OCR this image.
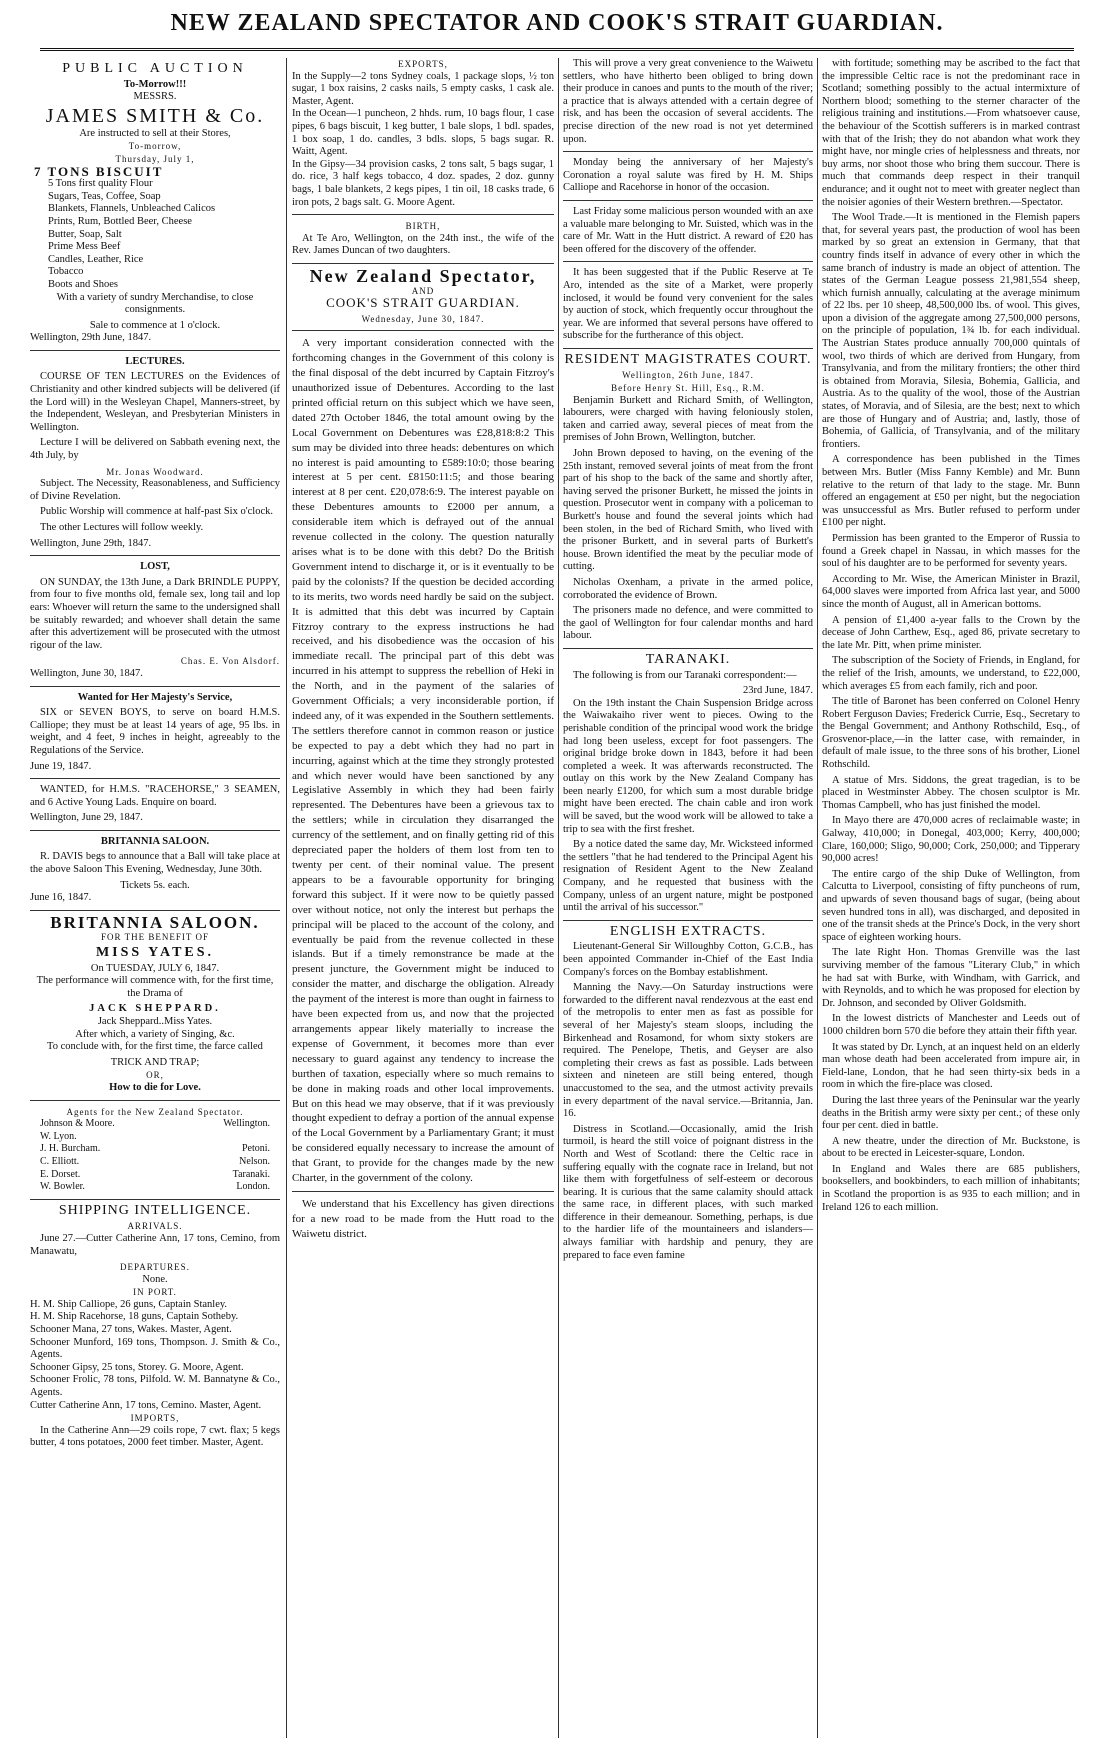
NEW ZEALAND SPECTATOR AND COOK'S STRAIT GUARDIAN.
PUBLIC AUCTION
To-Morrow!!!
MESSRS.
JAMES SMITH & Co.
Are instructed to sell at their Stores,
To-morrow,
Thursday, July 1,
7 TONS BISCUIT
5 Tons first quality Flour
Sugars, Teas, Coffee, Soap
Blankets, Flannels, Unbleached Calicos
Prints, Rum, Bottled Beer, Cheese
Butter, Soap, Salt
Prime Mess Beef
Candles, Leather, Rice
Tobacco
Boots and Shoes

With a variety of sundry Merchandise, to close consignments.

Sale to commence at 1 o'clock.
Wellington, 29th June, 1847.
LECTURES.

COURSE OF TEN LECTURES on the Evidences of Christianity and other kindred subjects will be delivered (if the Lord will) in the Wesleyan Chapel, Manners-street, by the Independent, Wesleyan, and Presbyterian Ministers in Wellington.

Lecture I will be delivered on Sabbath evening next, the 4th July, by

Mr. Jonas Woodward.

Subject. The Necessity, Reasonableness, and Sufficiency of Divine Revelation.

Public Worship will commence at half-past Six o'clock.

The other Lectures will follow weekly.

Wellington, June 29th, 1847.
LOST,

ON SUNDAY, the 13th June, a Dark BRINDLE PUPPY, from four to five months old, female sex, long tail and lop ears: Whoever will return the same to the undersigned shall be suitably rewarded; and whoever shall detain the same after this advertizement will be prosecuted with the utmost rigour of the law.

Chas. E. Von Alsdorf.
Wellington, June 30, 1847.
Wanted for Her Majesty's Service,

SIX or SEVEN BOYS, to serve on board H.M.S. Calliope; they must be at least 14 years of age, 95 lbs. in weight, and 4 feet, 9 inches in height, agreeably to the Regulations of the Service.

June 19, 1847.

WANTED, for H.M.S. "RACEHORSE," 3 SEAMEN, and 6 Active Young Lads. Enquire on board.

Wellington, June 29, 1847.
BRITANNIA SALOON.

R. DAVIS begs to announce that a Ball will take place at the above Saloon This Evening, Wednesday, June 30th.

Tickets 5s. each.
June 16, 1847.
BRITANNIA SALOON.
FOR THE BENEFIT OF
MISS YATES.
On TUESDAY, JULY 6, 1847.

The performance will commence with, for the first time, the Drama of

JACK SHEPPARD.
Jack Sheppard..Miss Yates.
After which, a variety of Singing, &c.

To conclude with, for the first time, the farce called

TRICK AND TRAP;
OR,
How to die for Love.
Agents for the New Zealand Spectator.
Johnson & Moore.	Wellington.
W. Lyon.
J. H. Burcham.	Petoni.
C. Elliott.	Nelson.
E. Dorset.	Taranaki.
W. Bowler.	London.
SHIPPING INTELLIGENCE.
ARRIVALS.

June 27.—Cutter Catherine Ann, 17 tons, Cemino, from Manawatu,

DEPARTURES.
None.
IN PORT.
H. M. Ship Calliope, 26 guns, Captain Stanley.
H. M. Ship Racehorse, 18 guns, Captain Sotheby.
Schooner Mana, 27 tons, Wakes. Master, Agent.
Schooner Munford, 169 tons, Thompson. J. Smith & Co., Agents.
Schooner Gipsy, 25 tons, Storey. G. Moore, Agent.
Schooner Frolic, 78 tons, Pilfold. W. M. Bannatyne & Co., Agents.
Cutter Catherine Ann, 17 tons, Cemino. Master, Agent.
IMPORTS,

In the Catherine Ann—29 coils rope, 7 cwt. flax; 5 kegs butter, 4 tons potatoes, 2000 feet timber. Master, Agent.

EXPORTS,
In the Supply—2 tons Sydney coals, 1 package slops, ½ ton sugar, 1 box raisins, 2 casks nails, 5 empty casks, 1 cask ale. Master, Agent.
In the Ocean—1 puncheon, 2 hhds. rum, 10 bags flour, 1 case pipes, 6 bags biscuit, 1 keg butter, 1 bale slops, 1 bdl. spades, 1 box soap, 1 do. candles, 3 bdls. slops, 5 bags sugar. R. Waitt, Agent.
In the Gipsy—34 provision casks, 2 tons salt, 5 bags sugar, 1 do. rice, 3 half kegs tobacco, 4 doz. spades, 2 doz. gunny bags, 1 bale blankets, 2 kegs pipes, 1 tin oil, 18 casks trade, 6 iron pots, 2 bags salt. G. Moore Agent.
BIRTH,

At Te Aro, Wellington, on the 24th inst., the wife of the Rev. James Duncan of two daughters.

New Zealand Spectator,
AND
COOK'S STRAIT GUARDIAN.
Wednesday, June 30, 1847.

A very important consideration connected with the forthcoming changes in the Government of this colony is the final disposal of the debt incurred by Captain Fitzroy's unauthorized issue of Debentures. According to the last printed official return on this subject which we have seen, dated 27th October 1846, the total amount owing by the Local Government on Debentures was £28,818:8:2 This sum may be divided into three heads: debentures on which no interest is paid amounting to £589:10:0; those bearing interest at 5 per cent. £8150:11:5; and those bearing interest at 8 per cent. £20,078:6:9. The interest payable on these Debentures amounts to £2000 per annum, a considerable item which is defrayed out of the annual revenue collected in the colony. The question naturally arises what is to be done with this debt? Do the British Government intend to discharge it, or is it eventually to be paid by the colonists? If the question be decided according to its merits, two words need hardly be said on the subject. It is admitted that this debt was incurred by Captain Fitzroy contrary to the express instructions he had received, and his disobedience was the occasion of his immediate recall. The principal part of this debt was incurred in his attempt to suppress the rebellion of Heki in the North, and in the payment of the salaries of Government Officials; a very inconsiderable portion, if indeed any, of it was expended in the Southern settlements. The settlers therefore cannot in common reason or justice be expected to pay a debt which they had no part in incurring, against which at the time they strongly protested and which never would have been sanctioned by any Legislative Assembly in which they had been fairly represented. The Debentures have been a grievous tax to the settlers; while in circulation they disarranged the currency of the settlement, and on finally getting rid of this depreciated paper the holders of them lost from ten to twenty per cent. of their nominal value. The present appears to be a favourable opportunity for bringing forward this subject. If it were now to be quietly passed over without notice, not only the interest but perhaps the principal will be placed to the account of the colony, and eventually be paid from the revenue collected in these islands. But if a timely remonstrance be made at the present juncture, the Government might be induced to consider the matter, and discharge the obligation. Already the payment of the interest is more than ought in fairness to have been expected from us, and now that the projected arrangements appear likely materially to increase the expense of Government, it becomes more than ever necessary to guard against any tendency to increase the burthen of taxation, especially where so much remains to be done in making roads and other local improvements. But on this head we may observe, that if it was previously thought expedient to defray a portion of the annual expense of the Local Government by a Parliamentary Grant; it must be considered equally necessary to increase the amount of that Grant, to provide for the changes made by the new Charter, in the government of the colony.

We understand that his Excellency has given directions for a new road to be made from the Hutt road to the Waiwetu district.

This will prove a very great convenience to the Waiwetu settlers, who have hitherto been obliged to bring down their produce in canoes and punts to the mouth of the river; a practice that is always attended with a certain degree of risk, and has been the occasion of several accidents. The precise direction of the new road is not yet determined upon.

Monday being the anniversary of her Majesty's Coronation a royal salute was fired by H. M. Ships Calliope and Racehorse in honor of the occasion.

Last Friday some malicious person wounded with an axe a valuable mare belonging to Mr. Suisted, which was in the care of Mr. Watt in the Hutt district. A reward of £20 has been offered for the discovery of the offender.

It has been suggested that if the Public Reserve at Te Aro, intended as the site of a Market, were properly inclosed, it would be found very convenient for the sales by auction of stock, which frequently occur throughout the year. We are informed that several persons have offered to subscribe for the furtherance of this object.

RESIDENT MAGISTRATES COURT.
Wellington, 26th June, 1847.
Before Henry St. Hill, Esq., R.M.

Benjamin Burkett and Richard Smith, of Wellington, labourers, were charged with having feloniously stolen, taken and carried away, several pieces of meat from the premises of John Brown, Wellington, butcher.

John Brown deposed to having, on the evening of the 25th instant, removed several joints of meat from the front part of his shop to the back of the same and shortly after, having served the prisoner Burkett, he missed the joints in question. Prosecutor went in company with a policeman to Burkett's house and found the several joints which had been stolen, in the bed of Richard Smith, who lived with the prisoner Burkett, and in several parts of Burkett's house. Brown identified the meat by the peculiar mode of cutting.

Nicholas Oxenham, a private in the armed police, corroborated the evidence of Brown.

The prisoners made no defence, and were committed to the gaol of Wellington for four calendar months and hard labour.

TARANAKI.

The following is from our Taranaki correspondent:—

23rd June, 1847.

On the 19th instant the Chain Suspension Bridge across the Waiwakaiho river went to pieces. Owing to the perishable condition of the principal wood work the bridge had long been useless, except for foot passengers. The original bridge broke down in 1843, before it had been completed a week. It was afterwards reconstructed. The outlay on this work by the New Zealand Company has been nearly £1200, for which sum a most durable bridge might have been erected. The chain cable and iron work will be saved, but the wood work will be allowed to take a trip to sea with the first freshet.

By a notice dated the same day, Mr. Wicksteed informed the settlers "that he had tendered to the Principal Agent his resignation of Resident Agent to the New Zealand Company, and he requested that business with the Company, unless of an urgent nature, might be postponed until the arrival of his successor."

ENGLISH EXTRACTS.

Lieutenant-General Sir Willoughby Cotton, G.C.B., has been appointed Commander in-Chief of the East India Company's forces on the Bombay establishment.

Manning the Navy.—On Saturday instructions were forwarded to the different naval rendezvous at the east end of the metropolis to enter men as fast as possible for several of her Majesty's steam sloops, including the Birkenhead and Rosamond, for whom sixty stokers are required. The Penelope, Thetis, and Geyser are also completing their crews as fast as possible. Lads between sixteen and nineteen are still being entered, though unaccustomed to the sea, and the utmost activity prevails in every department of the naval service.—Britannia, Jan. 16.

Distress in Scotland.—Occasionally, amid the Irish turmoil, is heard the still voice of poignant distress in the North and West of Scotland: there the Celtic race in suffering equally with the cognate race in Ireland, but not like them with forgetfulness of self-esteem or decorous bearing. It is curious that the same calamity should attack the same race, in different places, with such marked difference in their demeanour. Something, perhaps, is due to the hardier life of the mountaineers and islanders—always familiar with hardship and penury, they are prepared to face even famine

with fortitude; something may be ascribed to the fact that the impressible Celtic race is not the predominant race in Scotland; something possibly to the actual intermixture of Northern blood; something to the sterner character of the religious training and institutions.—From whatsoever cause, the behaviour of the Scottish sufferers is in marked contrast with that of the Irish; they do not abandon what work they might have, nor mingle cries of helplessness and threats, nor buy arms, nor shoot those who bring them succour. There is much that commands deep respect in their tranquil endurance; and it ought not to meet with greater neglect than the noisier agonies of their Western brethren.—Spectator.

The Wool Trade.—It is mentioned in the Flemish papers that, for several years past, the production of wool has been marked by so great an extension in Germany, that that country finds itself in advance of every other in which the same branch of industry is made an object of attention. The states of the German League possess 21,981,554 sheep, which furnish annually, calculating at the average minimum of 22 lbs. per 10 sheep, 48,500,000 lbs. of wool. This gives, upon a division of the aggregate among 27,500,000 persons, on the principle of population, 1¾ lb. for each individual. The Austrian States produce annually 700,000 quintals of wool, two thirds of which are derived from Hungary, from Transylvania, and from the military frontiers; the other third is obtained from Moravia, Silesia, Bohemia, Gallicia, and Austria. As to the quality of the wool, those of the Austrian states, of Moravia, and of Silesia, are the best; next to which are those of Hungary and of Austria; and, lastly, those of Bohemia, of Gallicia, of Transylvania, and of the military frontiers.

A correspondence has been published in the Times between Mrs. Butler (Miss Fanny Kemble) and Mr. Bunn relative to the return of that lady to the stage. Mr. Bunn offered an engagement at £50 per night, but the negociation was unsuccessful as Mrs. Butler refused to perform under £100 per night.

Permission has been granted to the Emperor of Russia to found a Greek chapel in Nassau, in which masses for the soul of his daughter are to be performed for seventy years.

According to Mr. Wise, the American Minister in Brazil, 64,000 slaves were imported from Africa last year, and 5000 since the month of August, all in American bottoms.

A pension of £1,400 a-year falls to the Crown by the decease of John Carthew, Esq., aged 86, private secretary to the late Mr. Pitt, when prime minister.

The subscription of the Society of Friends, in England, for the relief of the Irish, amounts, we understand, to £22,000, which averages £5 from each family, rich and poor.

The title of Baronet has been conferred on Colonel Henry Robert Ferguson Davies; Frederick Currie, Esq., Secretary to the Bengal Government; and Anthony Rothschild, Esq., of Grosvenor-place,—in the latter case, with remainder, in default of male issue, to the three sons of his brother, Lionel Rothschild.

A statue of Mrs. Siddons, the great tragedian, is to be placed in Westminster Abbey. The chosen sculptor is Mr. Thomas Campbell, who has just finished the model.

In Mayo there are 470,000 acres of reclaimable waste; in Galway, 410,000; in Donegal, 403,000; Kerry, 400,000; Clare, 160,000; Sligo, 90,000; Cork, 250,000; and Tipperary 90,000 acres!

The entire cargo of the ship Duke of Wellington, from Calcutta to Liverpool, consisting of fifty puncheons of rum, and upwards of seven thousand bags of sugar, (being about seven hundred tons in all), was discharged, and deposited in one of the transit sheds at the Prince's Dock, in the very short space of eighteen working hours.

The late Right Hon. Thomas Grenville was the last surviving member of the famous "Literary Club," in which he had sat with Burke, with Windham, with Garrick, and with Reynolds, and to which he was proposed for election by Dr. Johnson, and seconded by Oliver Goldsmith.

In the lowest districts of Manchester and Leeds out of 1000 children born 570 die before they attain their fifth year.

It was stated by Dr. Lynch, at an inquest held on an elderly man whose death had been accelerated from impure air, in Field-lane, London, that he had seen thirty-six beds in a room in which the fire-place was closed.

During the last three years of the Peninsular war the yearly deaths in the British army were sixty per cent.; of these only four per cent. died in battle.

A new theatre, under the direction of Mr. Buckstone, is about to be erected in Leicester-square, London.

In England and Wales there are 685 publishers, booksellers, and bookbinders, to each million of inhabitants; in Scotland the proportion is as 935 to each million; and in Ireland 126 to each million.
